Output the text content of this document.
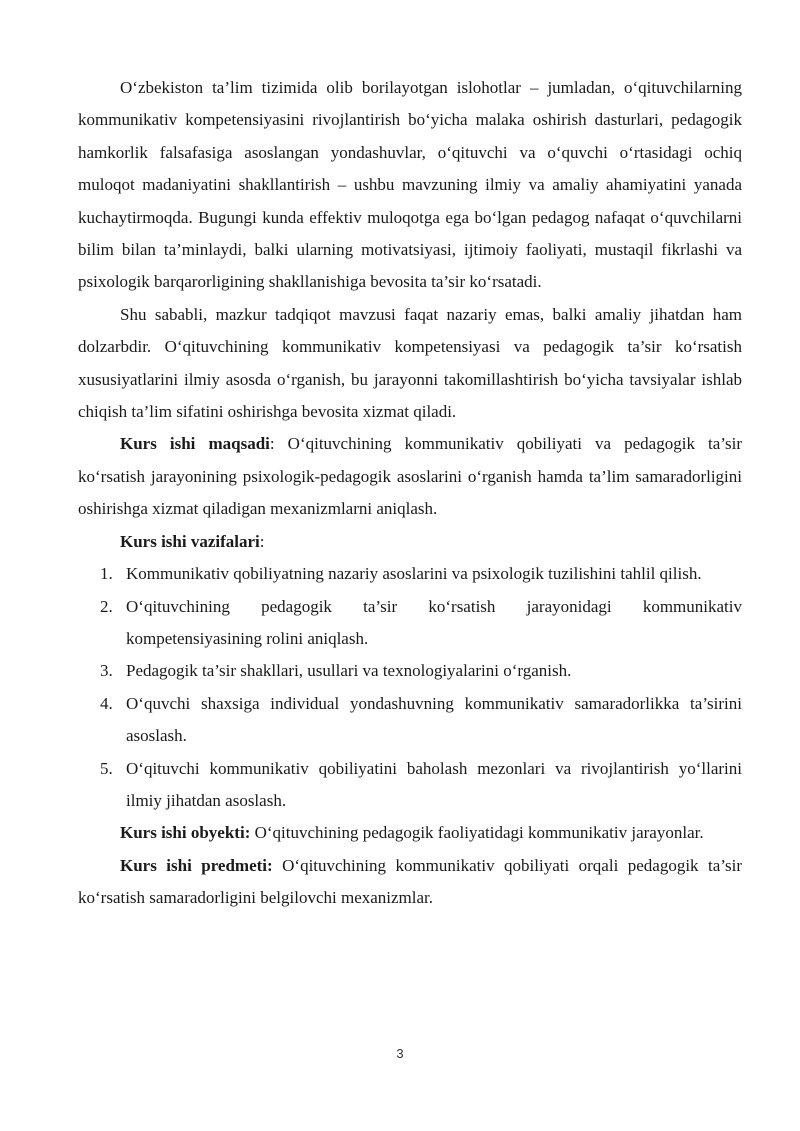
O‘zbekiston ta’lim tizimida olib borilayotgan islohotlar – jumladan, o‘qituvchilarning kommunikativ kompetensiyasini rivojlantirish bo‘yicha malaka oshirish dasturlari, pedagogik hamkorlik falsafasiga asoslangan yondashuvlar, o‘qituvchi va o‘quvchi o‘rtasidagi ochiq muloqot madaniyatini shakllantirish – ushbu mavzuning ilmiy va amaliy ahamiyatini yanada kuchaytirmoqda. Bugungi kunda effektiv muloqotga ega bo‘lgan pedagog nafaqat o‘quvchilarni bilim bilan ta’minlaydi, balki ularning motivatsiyasi, ijtimoiy faoliyati, mustaqil fikrlashi va psixologik barqarorligining shakllanishiga bevosita ta’sir ko‘rsatadi.

Shu sababli, mazkur tadqiqot mavzusi faqat nazariy emas, balki amaliy jihatdan ham dolzarbdir. O‘qituvchining kommunikativ kompetensiyasi va pedagogik ta’sir ko‘rsatish xususiyatlarini ilmiy asosda o‘rganish, bu jarayonni takomillashtirish bo‘yicha tavsiyalar ishlab chiqish ta’lim sifatini oshirishga bevosita xizmat qiladi.

Kurs ishi maqsadi: O‘qituvchining kommunikativ qobiliyati va pedagogik ta’sir ko‘rsatish jarayonining psixologik-pedagogik asoslarini o‘rganish hamda ta’lim samaradorligini oshirishga xizmat qiladigan mexanizmlarni aniqlash.

Kurs ishi vazifalari:

1. Kommunikativ qobiliyatning nazariy asoslarini va psixologik tuzilishini tahlil qilish.
2. O‘qituvchining pedagogik ta’sir ko‘rsatish jarayonidagi kommunikativ kompetensiyasining rolini aniqlash.
3. Pedagogik ta’sir shakllari, usullari va texnologiyalarini o‘rganish.
4. O‘quvchi shaxsiga individual yondashuvning kommunikativ samaradorlikka ta’sirini asoslash.
5. O‘qituvchi kommunikativ qobiliyatini baholash mezonlari va rivojlantirish yo‘llarini ilmiy jihatdan asoslash.

Kurs ishi obyekti: O‘qituvchining pedagogik faoliyatidagi kommunikativ jarayonlar.

Kurs ishi predmeti: O‘qituvchining kommunikativ qobiliyati orqali pedagogik ta’sir ko‘rsatish samaradorligini belgilovchi mexanizmlar.

3
